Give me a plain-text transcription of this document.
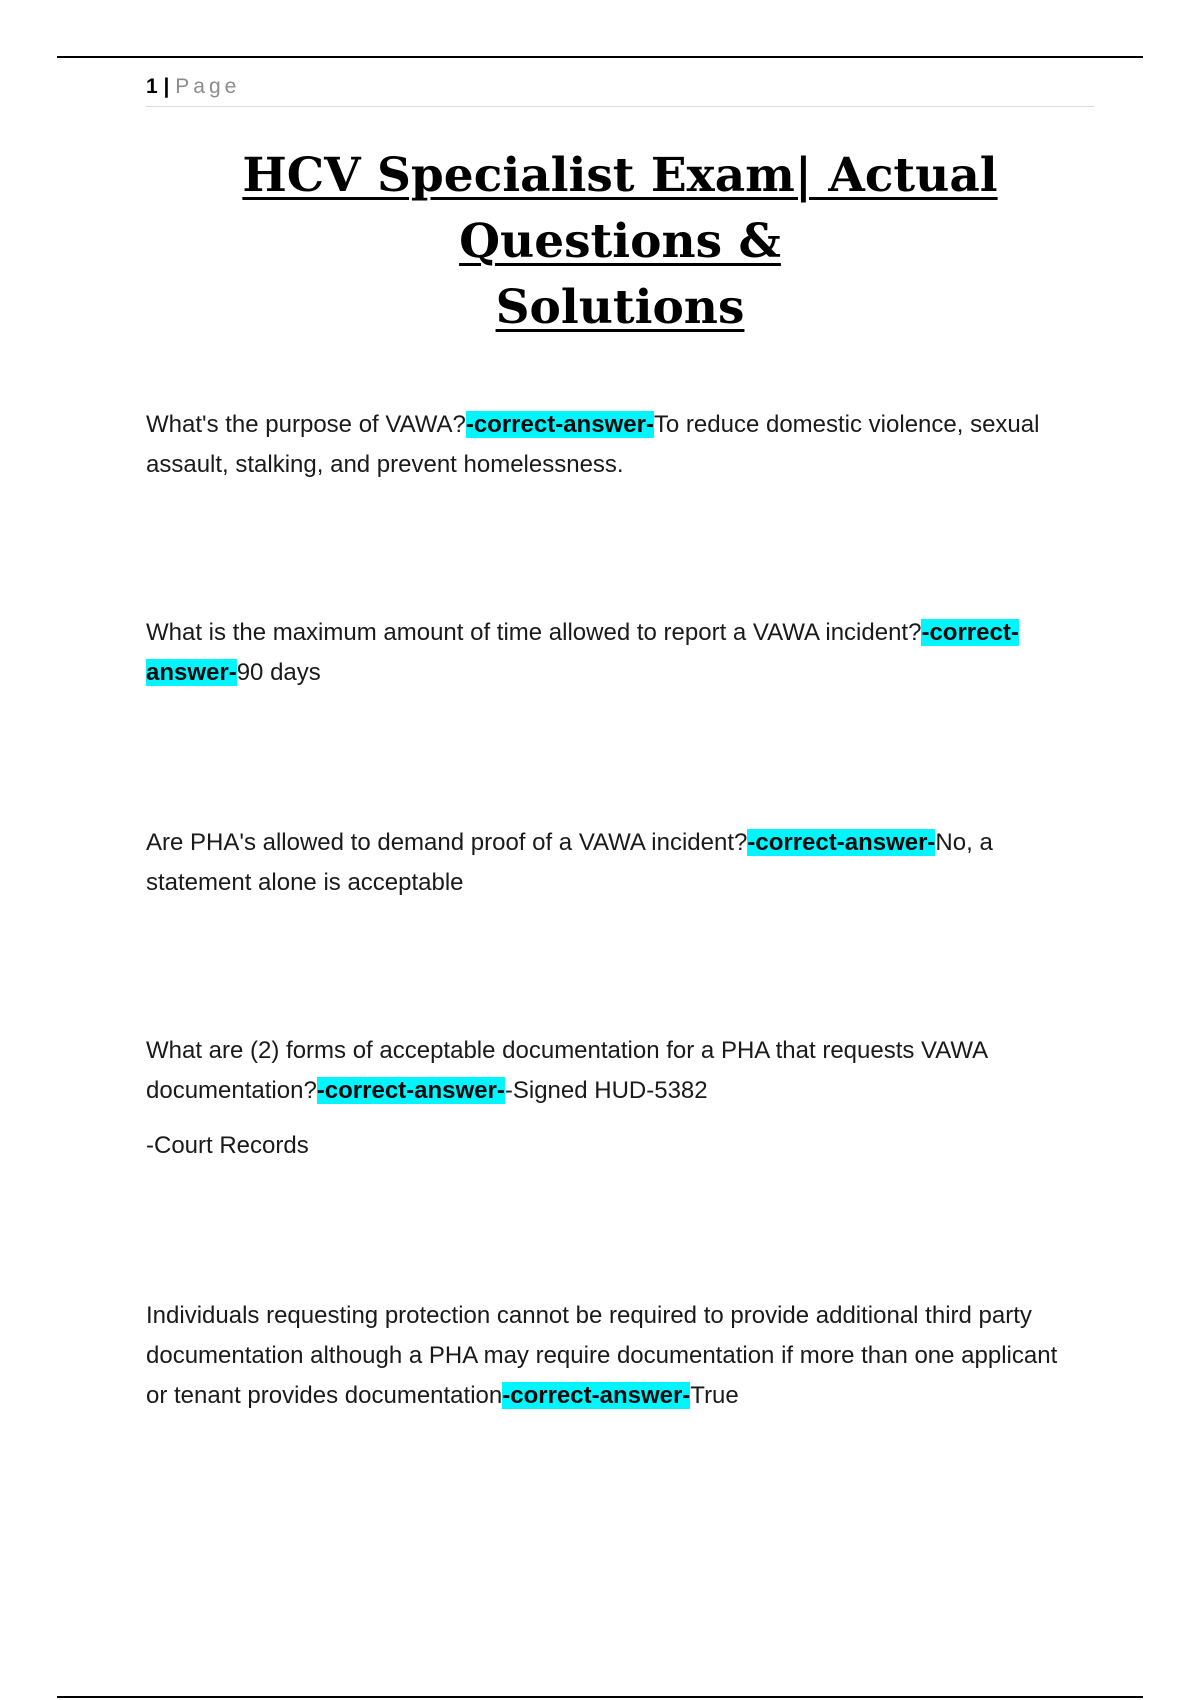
1 | Page
HCV Specialist Exam| Actual Questions &
Solutions

What's the purpose of VAWA?-correct-answer-To reduce domestic violence, sexual assault, stalking, and prevent homelessness.

What is the maximum amount of time allowed to report a VAWA incident?-correct-answer-90 days

Are PHA's allowed to demand proof of a VAWA incident?-correct-answer-No, a statement alone is acceptable

What are (2) forms of acceptable documentation for a PHA that requests VAWA documentation?-correct-answer--Signed HUD-5382

-Court Records

Individuals requesting protection cannot be required to provide additional third party documentation although a PHA may require documentation if more than one applicant or tenant provides documentation-correct-answer-True
